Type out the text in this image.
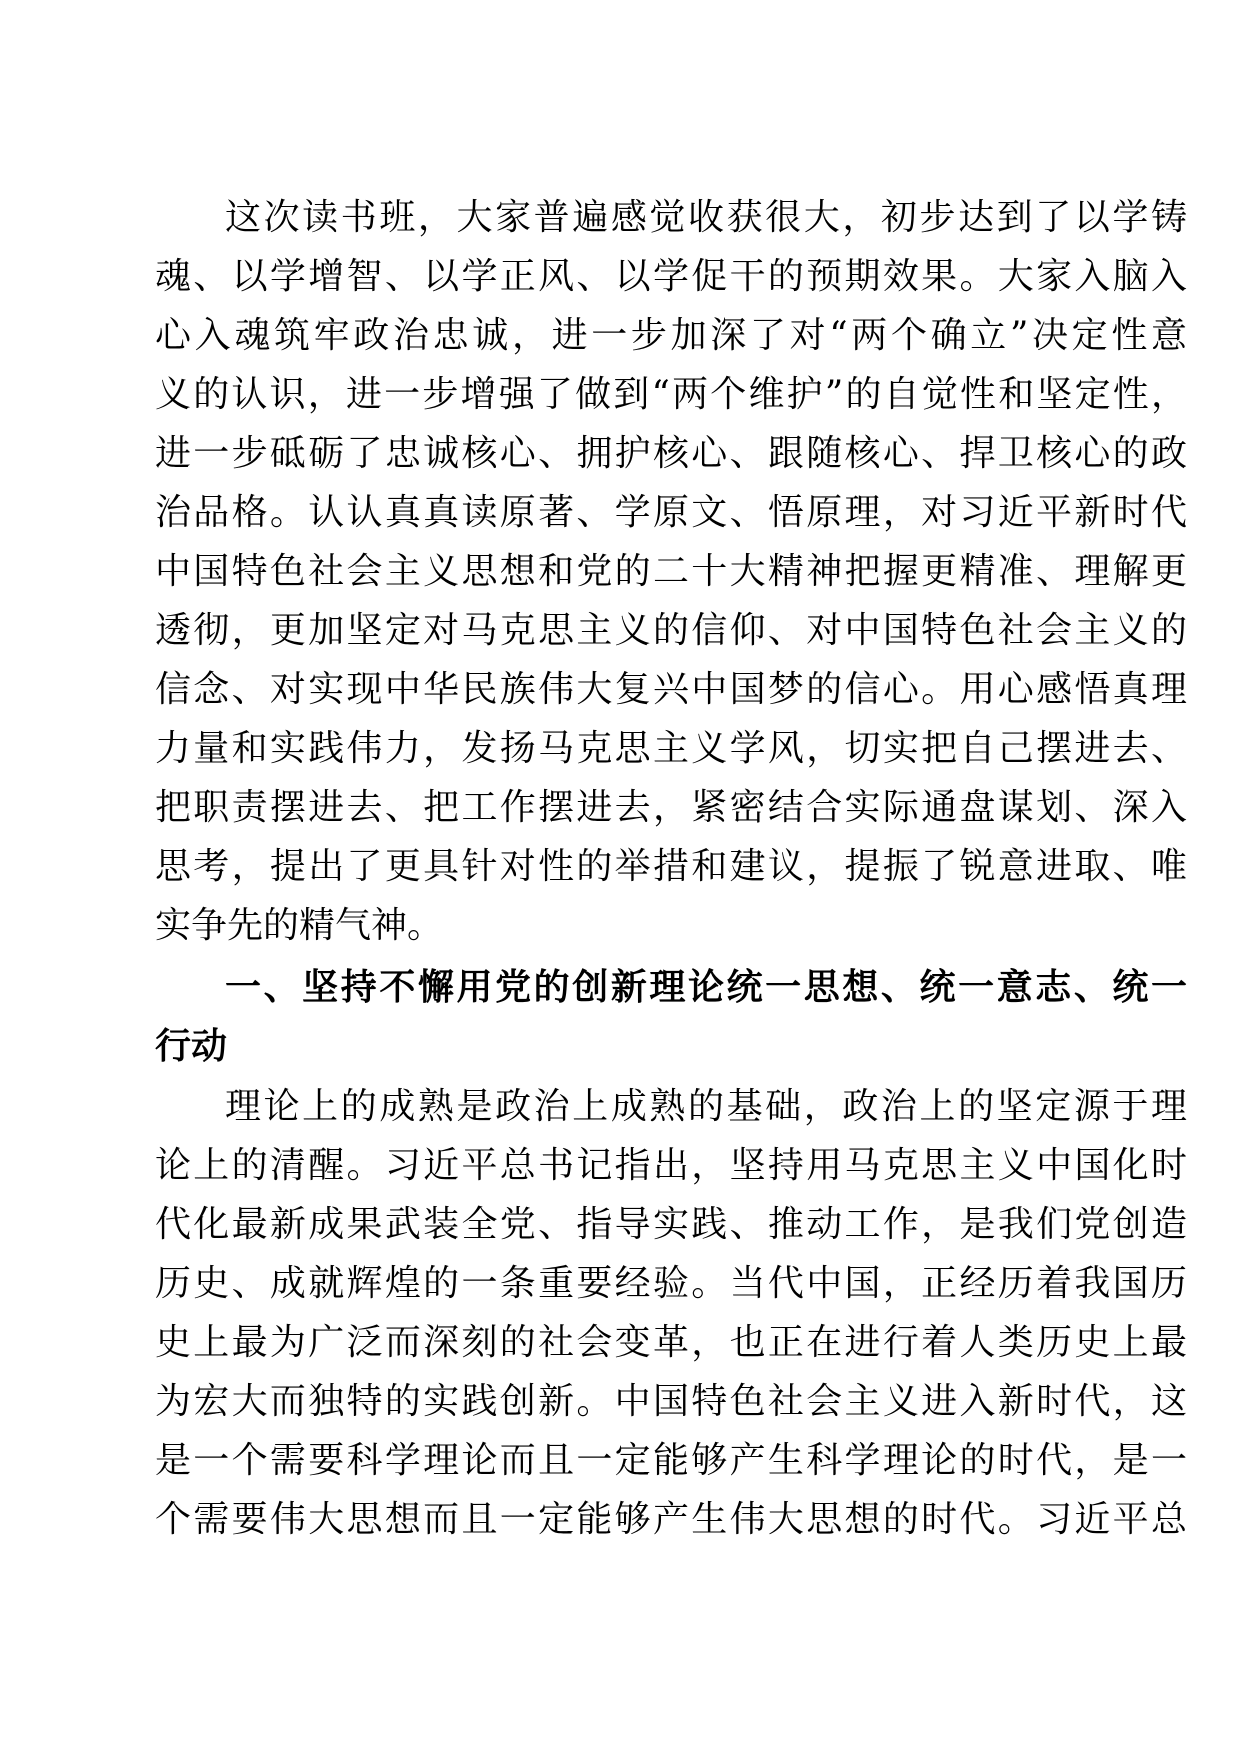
这次读书班，大家普遍感觉收获很大，初步达到了以学铸
魂、以学增智、以学正风、以学促干的预期效果。大家入脑入
心入魂筑牢政治忠诚，进一步加深了对“两个确立”决定性意
义的认识，进一步增强了做到“两个维护”的自觉性和坚定性，
进一步砥砺了忠诚核心、拥护核心、跟随核心、捍卫核心的政
治品格。认认真真读原著、学原文、悟原理，对习近平新时代
中国特色社会主义思想和党的二十大精神把握更精准、理解更
透彻，更加坚定对马克思主义的信仰、对中国特色社会主义的
信念、对实现中华民族伟大复兴中国梦的信心。用心感悟真理
力量和实践伟力，发扬马克思主义学风，切实把自己摆进去、
把职责摆进去、把工作摆进去，紧密结合实际通盘谋划、深入
思考，提出了更具针对性的举措和建议，提振了锐意进取、唯
实争先的精气神。
一、坚持不懈用党的创新理论统一思想、统一意志、统一
行动
理论上的成熟是政治上成熟的基础，政治上的坚定源于理
论上的清醒。习近平总书记指出，坚持用马克思主义中国化时
代化最新成果武装全党、指导实践、推动工作，是我们党创造
历史、成就辉煌的一条重要经验。当代中国，正经历着我国历
史上最为广泛而深刻的社会变革，也正在进行着人类历史上最
为宏大而独特的实践创新。中国特色社会主义进入新时代，这
是一个需要科学理论而且一定能够产生科学理论的时代，是一
个需要伟大思想而且一定能够产生伟大思想的时代。习近平总
